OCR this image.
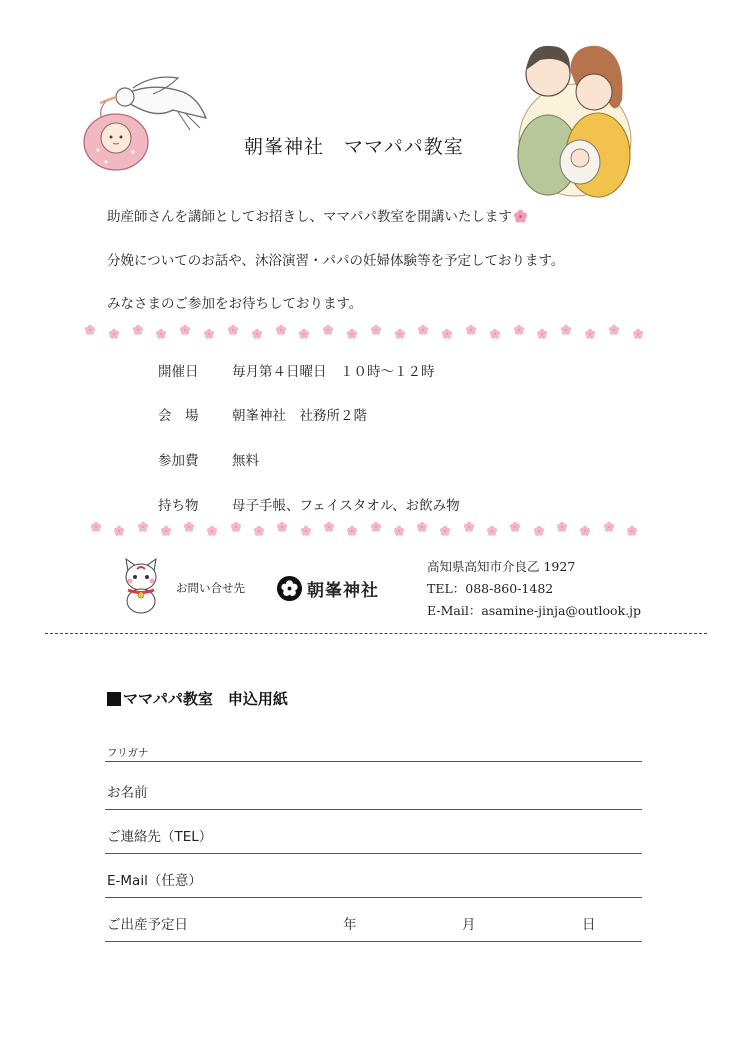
朝峯神社　ママパパ教室
助産師さんを講師としてお招きし、ママパパ教室を開講いたします
分娩についてのお話や、沐浴演習・パパの妊婦体験等を予定しております。
みなさまのご参加をお待ちしております。
開催日 毎月第４日曜日　１０時～１２時
会　場 朝峯神社　社務所２階
参加費 無料
持ち物 母子手帳、フェイスタオル、お飲み物
お問い合せ先	朝峯神社
高知県高知市介良乙 1927
TEL：088-860-1482
E-Mail：asamine-jinja@outlook.jp
ママパパ教室　申込用紙
フリガナ
お名前
ご連絡先（TEL）
E-Mail（任意）
ご出産予定日	年	月	日
